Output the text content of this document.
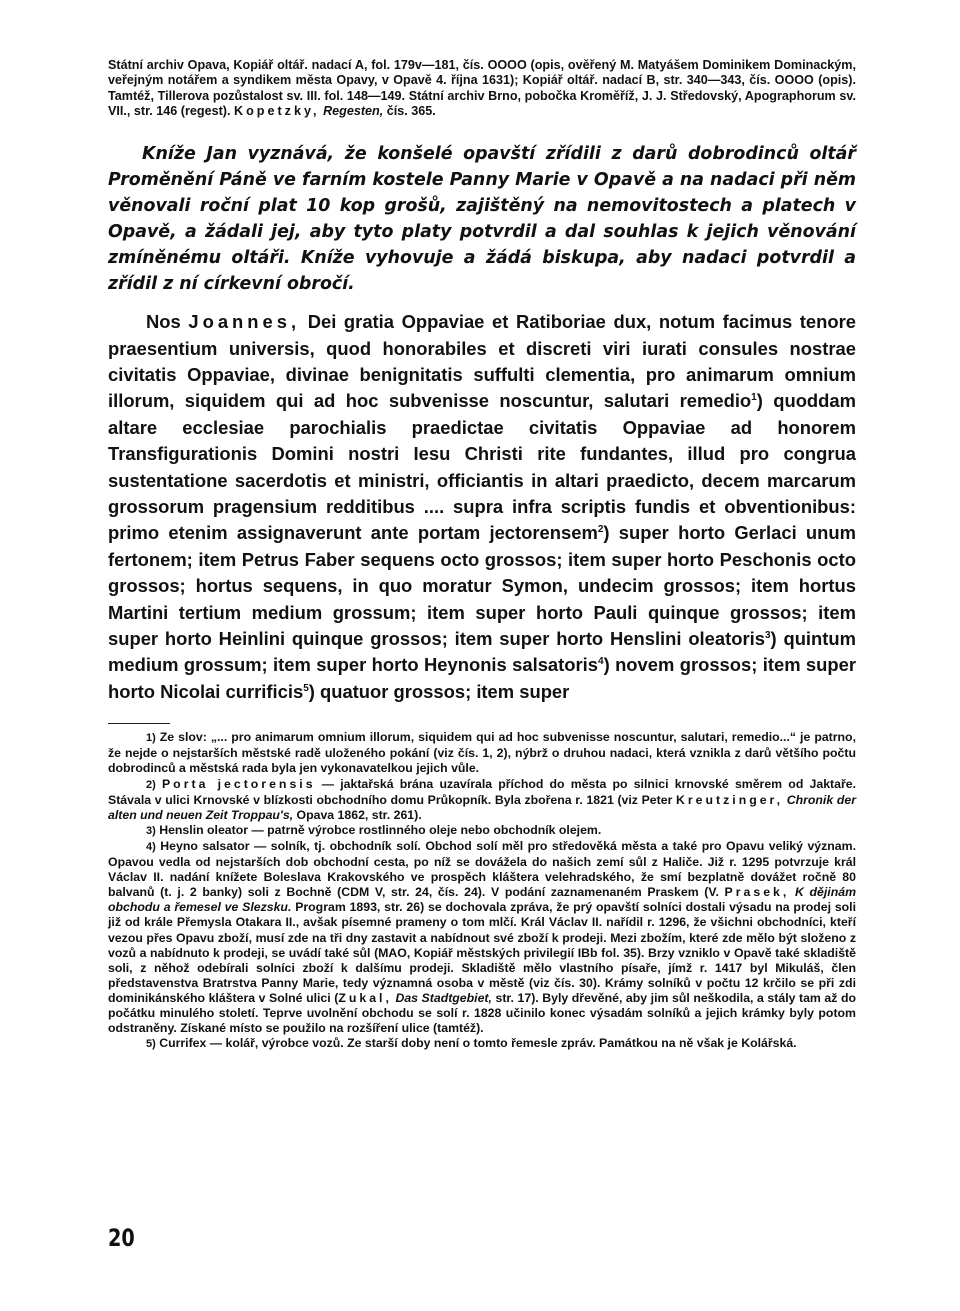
Státní archiv Opava, Kopiář oltář. nadací A, fol. 179v—181, čís. OOOO (opis, ověřený M. Matyášem Dominikem Dominackým, veřejným notářem a syndikem města Opavy, v Opavě 4. října 1631); Kopiář oltář. nadací B, str. 340—343, čís. OOOO (opis). Tamtéž, Tillerova pozůstalost sv. III. fol. 148—149. Státní archiv Brno, pobočka Kroměříž, J. J. Středovský, Apographorum sv. VII., str. 146 (regest). Kopetzky, Regesten, čís. 365.

Kníže Jan vyznává, že konšelé opavští zřídili z darů dobrodinců oltář Proměnění Páně ve farním kostele Panny Marie v Opavě a na nadaci při něm věnovali roční plat 10 kop grošů, zajištěný na nemovitostech a platech v Opavě, a žádali jej, aby tyto platy potvrdil a dal souhlas k jejich věnování zmíněnému oltáři. Kníže vyhovuje a žádá biskupa, aby nadaci potvrdil a zřídil z ní církevní obročí.

Nos Joannes, Dei gratia Oppaviae et Ratiboriae dux, notum facimus tenore praesentium universis, quod honorabiles et discreti viri iurati consules nostrae civitatis Oppaviae, divinae benignitatis suffulti clementia, pro animarum omnium illorum, siquidem qui ad hoc subvenisse noscuntur, salutari remedio$^1$) quoddam altare ecclesiae parochialis praedictae civitatis Oppaviae ad honorem Transfigurationis Domini nostri Iesu Christi rite fundantes, illud pro congrua sustentatione sacerdotis et ministri, officiantis in altari praedicto, decem marcarum grossorum pragensium redditibus .... supra infra scriptis fundis et obventionibus: primo etenim assignaverunt ante portam jectorensem$^2$) super horto Gerlaci unum fertonem; item Petrus Faber sequens octo grossos; item super horto Peschonis octo grossos; hortus sequens, in quo moratur Symon, undecim grossos; item hortus Martini tertium medium grossum; item super horto Pauli quinque grossos; item super horto Heinlini quinque grossos; item super horto Henslini oleatoris$^3$) quintum medium grossum; item super horto Heynonis salsatoris$^4$) novem grossos; item super horto Nicolai currificis$^5$) quatuor grossos; item super

1) Ze slov: „... pro animarum omnium illorum, siquidem qui ad hoc subvenisse noscuntur, salutari, remedio...“ je patrno, že nejde o nejstarších městské radě uloženého pokání (viz čís. 1, 2), nýbrž o druhou nadaci, která vznikla z darů většího počtu dobrodinců a městská rada byla jen vykonavatelkou jejich vůle.

2) Porta jectorensis — jaktařská brána uzavírala příchod do města po silnici krnovské směrem od Jaktaře. Stávala v ulici Krnovské v blízkosti obchodního domu Průkopník. Byla zbořena r. 1821 (viz Peter Kreutzinger, Chronik der alten und neuen Zeit Troppau's, Opava 1862, str. 261).

3) Henslin oleator — patrně výrobce rostlinného oleje nebo obchodník olejem.

4) Heyno salsator — solník, tj. obchodník solí. Obchod solí měl pro středověká města a také pro Opavu veliký význam. Opavou vedla od nejstarších dob obchodní cesta, po níž se dovážela do našich zemí sůl z Haliče. Již r. 1295 potvrzuje král Václav II. nadání knížete Boleslava Krakovského ve prospěch kláštera velehradského, že smí bezplatně dovážet ročně 80 balvanů (t. j. 2 banky) soli z Bochně (CDM V, str. 24, čís. 24). V podání zaznamenaném Praskem (V. Prasek, K dějinám obchodu a řemesel ve Slezsku. Program 1893, str. 26) se dochovala zpráva, že prý opavští solníci dostali výsadu na prodej soli již od krále Přemysla Otakara II., avšak písemné prameny o tom mlčí. Král Václav II. nařídil r. 1296, že všichni obchodníci, kteří vezou přes Opavu zboží, musí zde na tři dny zastavit a nabídnout své zboží k prodeji. Mezi zbožím, které zde mělo být složeno z vozů a nabídnuto k prodeji, se uvádí také sůl (MAO, Kopiář městských privilegií IBb fol. 35). Brzy vzniklo v Opavě také skladiště soli, z něhož odebírali solníci zboží k dalšímu prodeji. Skladiště mělo vlastního písaře, jímž r. 1417 byl Mikuláš, člen představenstva Bratrstva Panny Marie, tedy významná osoba v městě (viz čís. 30). Krámy solníků v počtu 12 krčilo se při zdi dominikánského kláštera v Solné ulici (Zukal, Das Stadtgebiet, str. 17). Byly dřevěné, aby jim sůl neškodila, a stály tam až do počátku minulého století. Teprve uvolnění obchodu se solí r. 1828 učinilo konec výsadám solníků a jejich krámky byly potom odstraněny. Získané místo se použilo na rozšíření ulice (tamtéž).

5) Currifex — kolář, výrobce vozů. Ze starší doby není o tomto řemesle zpráv. Památkou na ně však je Kolářská.

20
